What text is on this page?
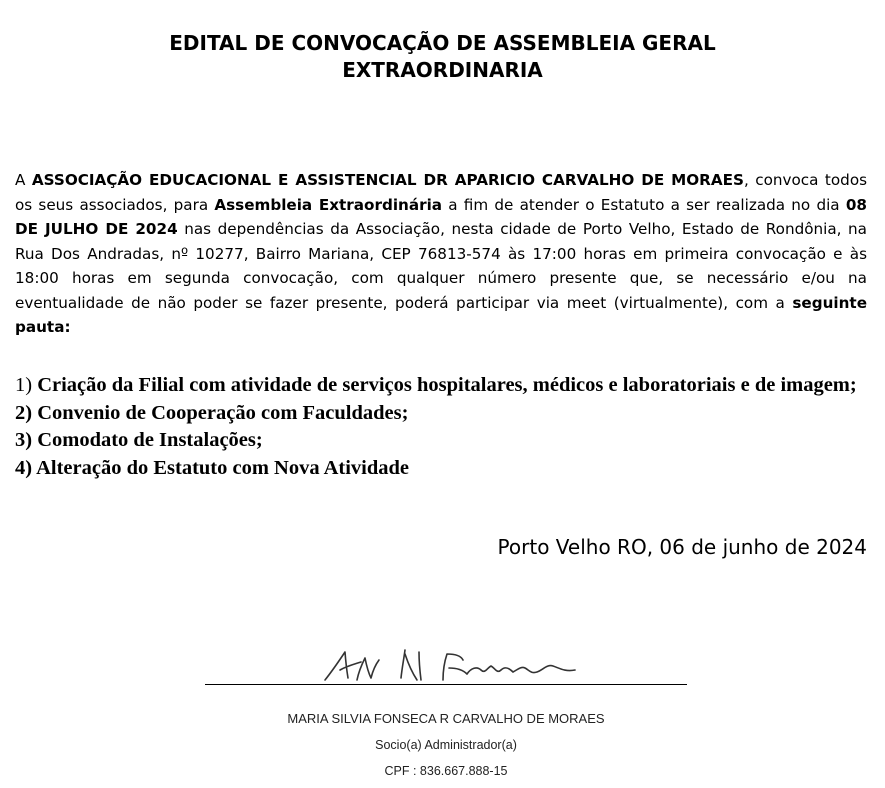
EDITAL DE CONVOCAÇÃO DE ASSEMBLEIA GERAL
EXTRAORDINARIA
A ASSOCIAÇÃO EDUCACIONAL E ASSISTENCIAL DR APARICIO CARVALHO DE MORAES, convoca todos os seus associados, para Assembleia Extraordinária a fim de atender o Estatuto a ser realizada no dia 08 DE JULHO DE 2024 nas dependências da Associação, nesta cidade de Porto Velho, Estado de Rondônia, na Rua Dos Andradas, nº 10277, Bairro Mariana, CEP 76813-574 às 17:00 horas em primeira convocação e às 18:00 horas em segunda convocação, com qualquer número presente que, se necessário e/ou na eventualidade de não poder se fazer presente, poderá participar via meet (virtualmente), com a seguinte pauta:
1) Criação da Filial com atividade de serviços hospitalares, médicos e laboratoriais e de imagem;
2) Convenio de Cooperação com Faculdades;
3) Comodato de Instalações;
4) Alteração do Estatuto com Nova Atividade
Porto Velho RO, 06 de junho de 2024
MARIA SILVIA FONSECA R CARVALHO DE MORAES
Socio(a) Administrador(a)
CPF : 836.667.888-15
